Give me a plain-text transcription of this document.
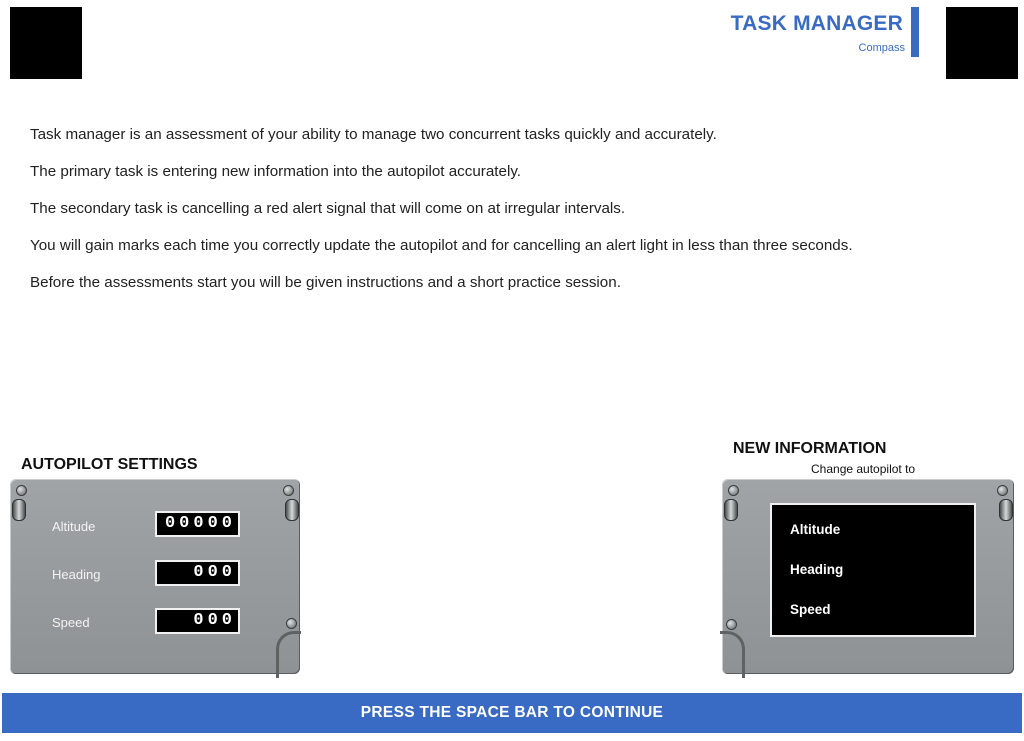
TASK MANAGER
Compass

Task manager is an assessment of your ability to manage two concurrent tasks quickly and accurately.

The primary task is entering new information into the autopilot accurately.

The secondary task is cancelling a red alert signal that will come on at irregular intervals.

You will gain marks each time you correctly update the autopilot and for cancelling an alert light in less than three seconds.

Before the assessments start you will be given instructions and a short practice session.

AUTOPILOT SETTINGS
Altitude	00000
Heading	000
Speed	000
NEW INFORMATION
Change autopilot to
Altitude
Heading
Speed
PRESS THE SPACE BAR TO CONTINUE
